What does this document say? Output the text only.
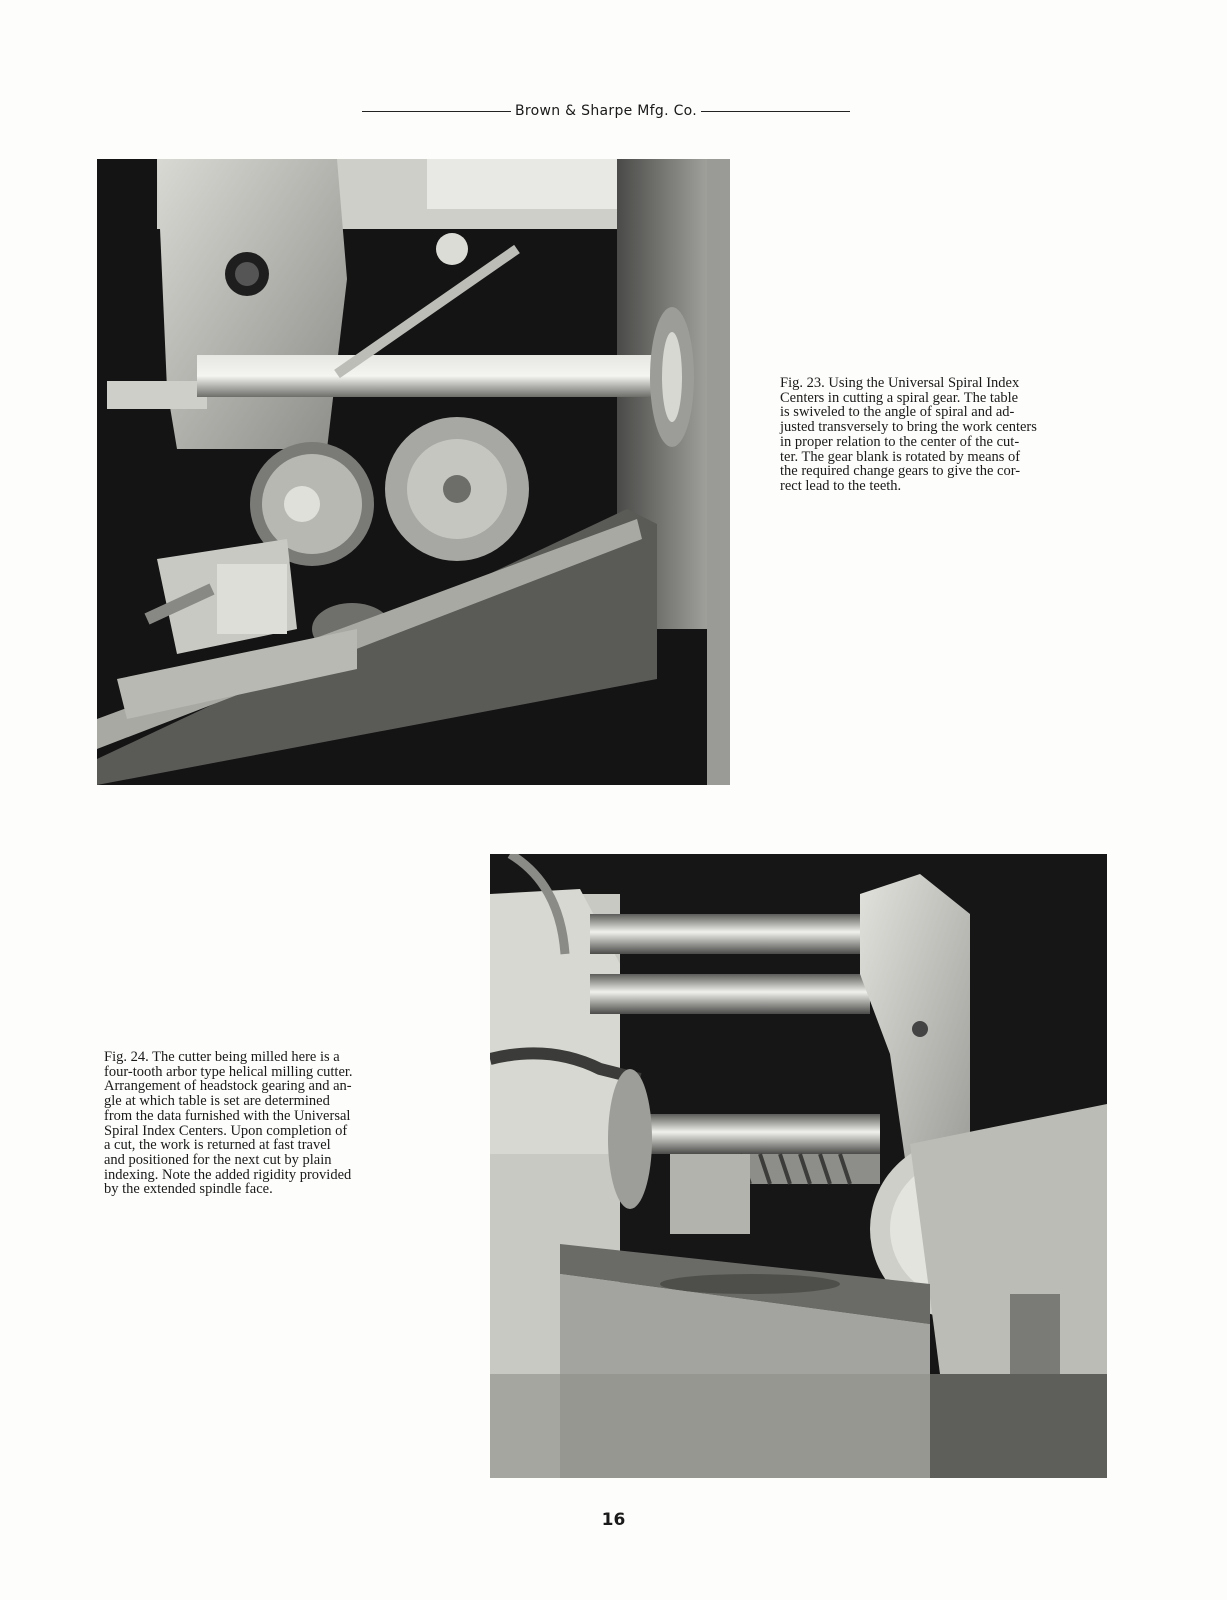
Brown & Sharpe Mfg. Co.

Fig. 23. Using the Universal Spiral Index
Centers in cutting a spiral gear. The table
is swiveled to the angle of spiral and ad-
justed transversely to bring the work centers
in proper relation to the center of the cut-
ter. The gear blank is rotated by means of
the required change gears to give the cor-
rect lead to the teeth.

Fig. 24. The cutter being milled here is a
four-tooth arbor type helical milling cutter.
Arrangement of headstock gearing and an-
gle at which table is set are determined
from the data furnished with the Universal
Spiral Index Centers. Upon completion of
a cut, the work is returned at fast travel
and positioned for the next cut by plain
indexing. Note the added rigidity provided
by the extended spindle face.

16
